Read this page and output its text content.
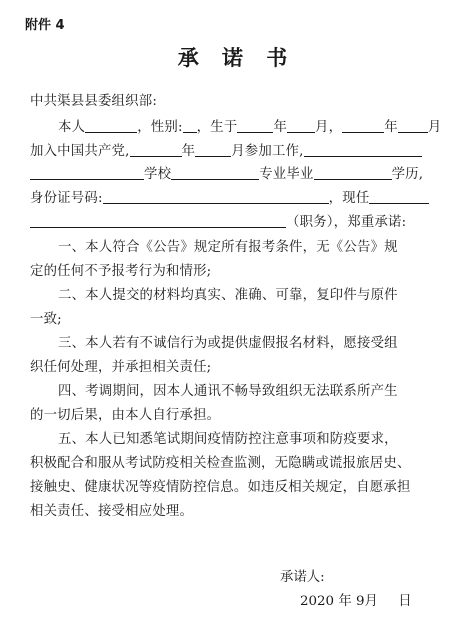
附件 4
承 诺 书
中共渠县县委组织部:
本人	，性别: ，生于	年 月，	年 月
加入中国共产党,	年	月参加工作,
学校	专业毕业	学历,
身份证号码:	，现任
（职务），郑重承诺:
一、本人符合《公告》规定所有报考条件，无《公告》规
定的任何不予报考行为和情形;
二、本人提交的材料均真实、准确、可靠，复印件与原件
一致;
三、本人若有不诚信行为或提供虚假报名材料，愿接受组
织任何处理，并承担相关责任;
四、考调期间，因本人通讯不畅导致组织无法联系所产生
的一切后果，由本人自行承担。
五、本人已知悉笔试期间疫情防控注意事项和防疫要求，
积极配合和服从考试防疫相关检查监测，无隐瞒或谎报旅居史、
接触史、健康状况等疫情防控信息。如违反相关规定，自愿承担
相关责任、接受相应处理。
承诺人:
2020 年 9月 日
